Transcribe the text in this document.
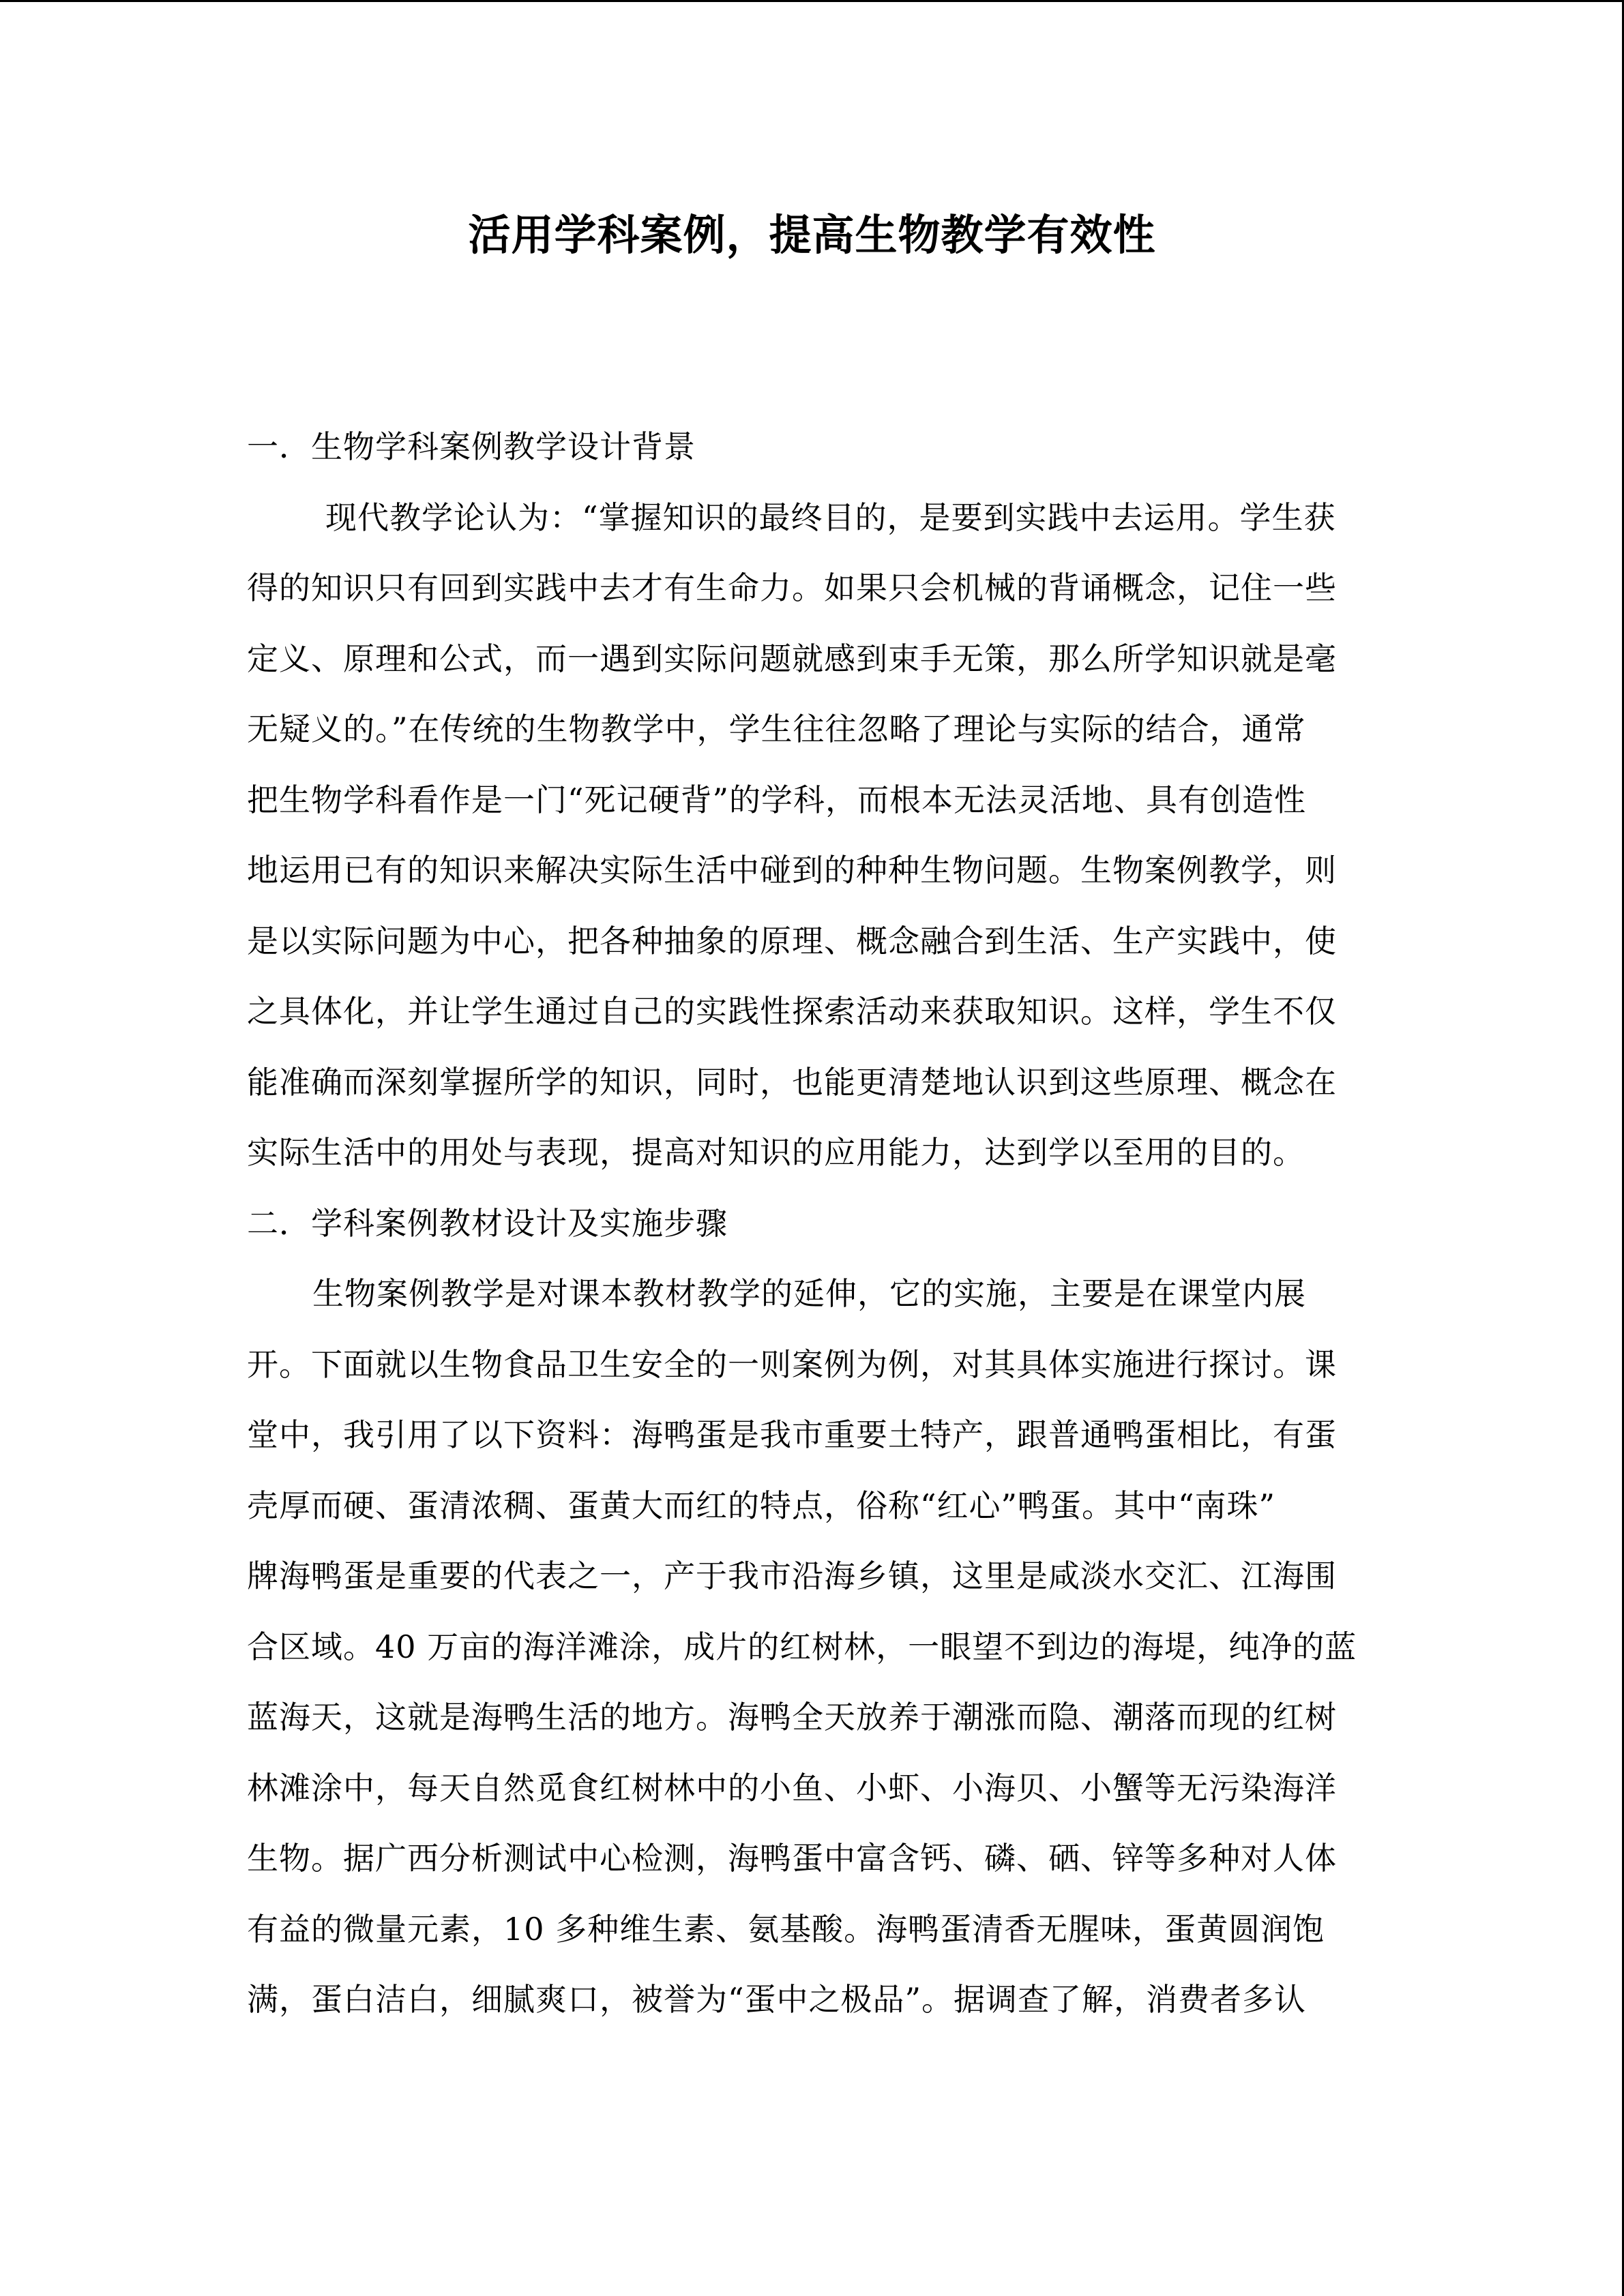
活用学科案例，提高生物教学有效性
一．生物学科案例教学设计背景
现代教学论认为：“掌握知识的最终目的，是要到实践中去运用。学生获
得的知识只有回到实践中去才有生命力。如果只会机械的背诵概念，记住一些
定义、原理和公式，而一遇到实际问题就感到束手无策，那么所学知识就是毫
无疑义的。”在传统的生物教学中，学生往往忽略了理论与实际的结合，通常
把生物学科看作是一门“死记硬背”的学科，而根本无法灵活地、具有创造性
地运用已有的知识来解决实际生活中碰到的种种生物问题。生物案例教学，则
是以实际问题为中心，把各种抽象的原理、概念融合到生活、生产实践中，使
之具体化，并让学生通过自己的实践性探索活动来获取知识。这样，学生不仅
能准确而深刻掌握所学的知识，同时，也能更清楚地认识到这些原理、概念在
实际生活中的用处与表现，提高对知识的应用能力，达到学以至用的目的。
二．学科案例教材设计及实施步骤
生物案例教学是对课本教材教学的延伸，它的实施，主要是在课堂内展
开。下面就以生物食品卫生安全的一则案例为例，对其具体实施进行探讨。课
堂中，我引用了以下资料：海鸭蛋是我市重要土特产，跟普通鸭蛋相比，有蛋
壳厚而硬、蛋清浓稠、蛋黄大而红的特点，俗称“红心”鸭蛋。其中“南珠”
牌海鸭蛋是重要的代表之一，产于我市沿海乡镇，这里是咸淡水交汇、江海围
合区域。40 万亩的海洋滩涂，成片的红树林，一眼望不到边的海堤，纯净的蓝
蓝海天，这就是海鸭生活的地方。海鸭全天放养于潮涨而隐、潮落而现的红树
林滩涂中，每天自然觅食红树林中的小鱼、小虾、小海贝、小蟹等无污染海洋
生物。据广西分析测试中心检测，海鸭蛋中富含钙、磷、硒、锌等多种对人体
有益的微量元素，10 多种维生素、氨基酸。海鸭蛋清香无腥味，蛋黄圆润饱
满，蛋白洁白，细腻爽口，被誉为“蛋中之极品”。据调查了解，消费者多认
